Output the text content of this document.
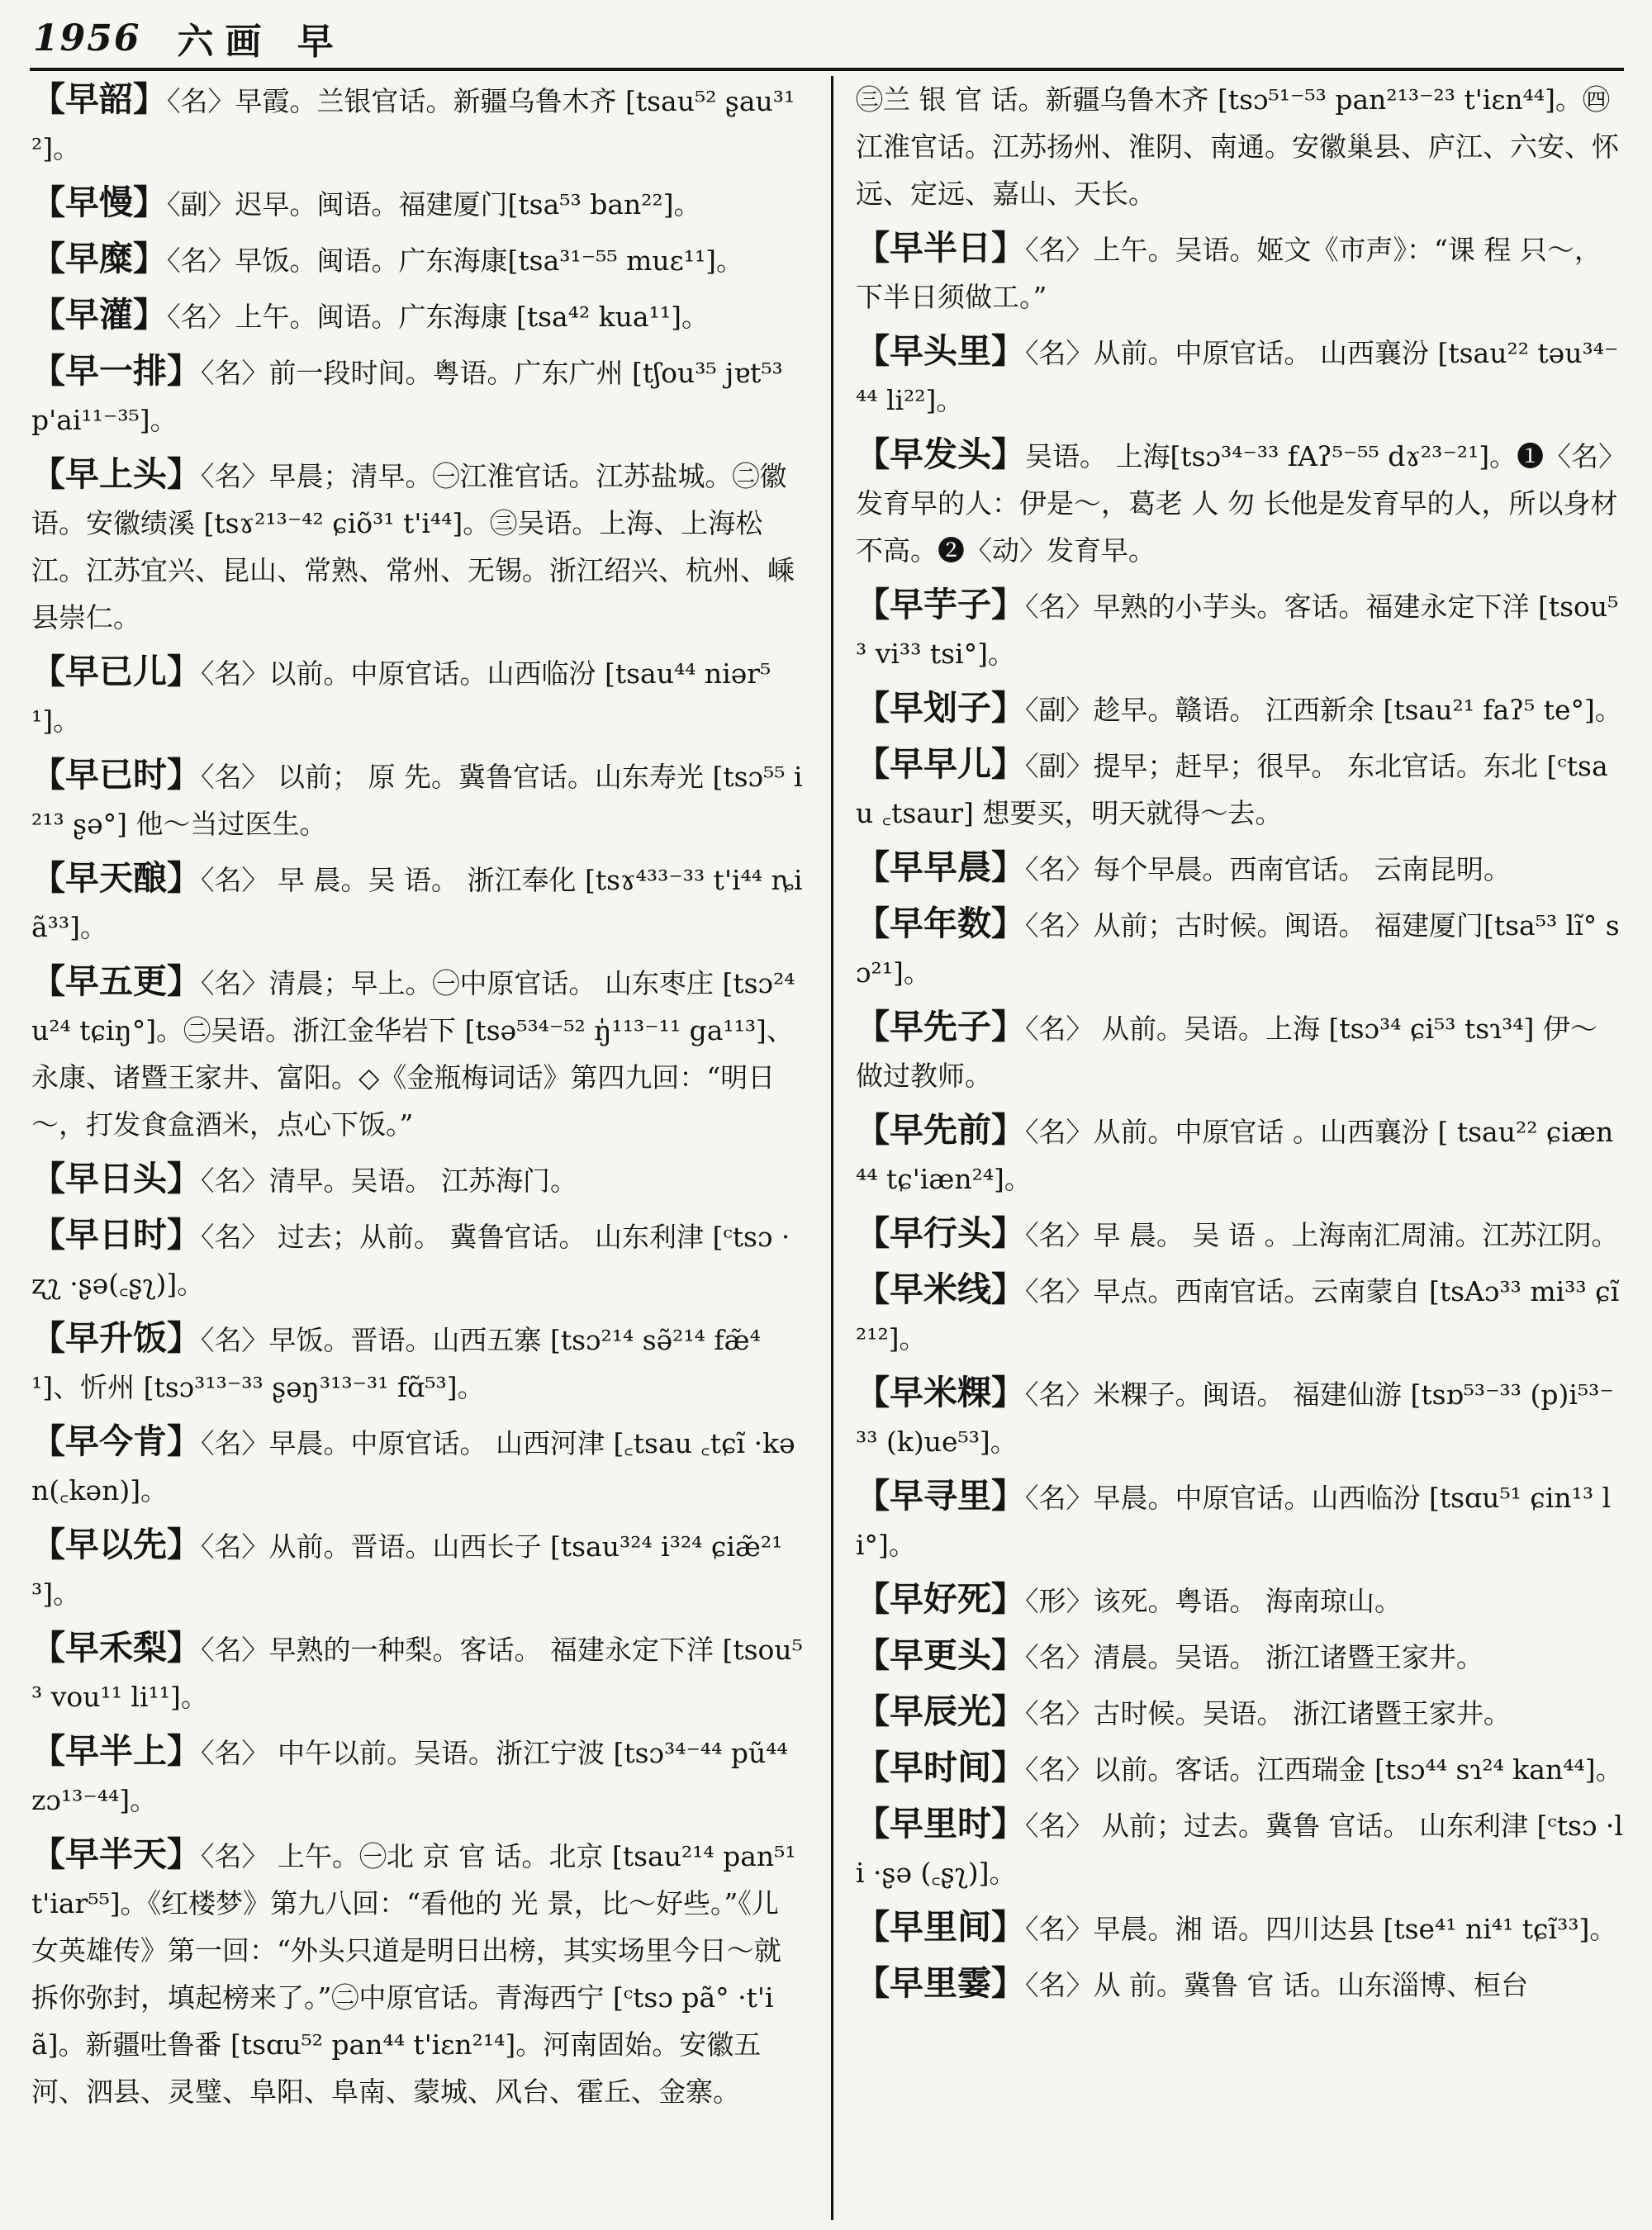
1956 六画 早
【早韶】〈名〉早霞。兰银官话。新疆乌鲁木齐 [tsau⁵² ʂau³¹²]。
【早慢】〈副〉迟早。闽语。福建厦门[tsa⁵³ ban²²]。
【早糜】〈名〉早饭。闽语。广东海康[tsa³¹⁻⁵⁵ muɛ¹¹]。
【早灌】〈名〉上午。闽语。广东海康 [tsa⁴² kua¹¹]。
【早一排】〈名〉前一段时间。粤语。广东广州 [tʃou³⁵ jɐt⁵³ p'ai¹¹⁻³⁵]。
【早上头】〈名〉早晨；清早。㊀江淮官话。江苏盐城。㊁徽语。安徽绩溪 [tsɤ²¹³⁻⁴² ɕiõ³¹ t'i⁴⁴]。㊂吴语。上海、上海松江。江苏宜兴、昆山、常熟、常州、无锡。浙江绍兴、杭州、嵊县崇仁。
【早已儿】〈名〉以前。中原官话。山西临汾 [tsau⁴⁴ niər⁵¹]。
【早已时】〈名〉 以前； 原 先。冀鲁官话。山东寿光 [tsɔ⁵⁵ i²¹³ ʂə°] 他～当过医生。
【早天酿】〈名〉 早 晨。吴 语。 浙江奉化 [tsɤ⁴³³⁻³³ t'i⁴⁴ ȵiã³³]。
【早五更】〈名〉清晨；早上。㊀中原官话。 山东枣庄 [tsɔ²⁴ u²⁴ tɕiŋ°]。㊁吴语。浙江金华岩下 [tsə⁵³⁴⁻⁵² ŋ̍¹¹³⁻¹¹ ga¹¹³]、永康、诸暨王家井、富阳。◇《金瓶梅词话》第四九回：“明日～，打发食盒酒米，点心下饭。”
【早日头】〈名〉清早。吴语。 江苏海门。
【早日时】〈名〉 过去；从前。 冀鲁官话。 山东利津 [ᶜtsɔ ·ʐʅ ·ʂə(꜀ʂʅ)]。
【早升饭】〈名〉早饭。晋语。山西五寨 [tsɔ²¹⁴ sə̃²¹⁴ fæ̃⁴¹]、忻州 [tsɔ³¹³⁻³³ ʂəŋ³¹³⁻³¹ fɑ̃⁵³]。
【早今肯】〈名〉早晨。中原官话。 山西河津 [꜀tsau ꜀tɕĩ ·kən(꜀kən)]。
【早以先】〈名〉从前。晋语。山西长子 [tsau³²⁴ i³²⁴ ɕiæ̃²¹³]。
【早禾梨】〈名〉早熟的一种梨。客话。 福建永定下洋 [tsou⁵³ vou¹¹ li¹¹]。
【早半上】〈名〉 中午以前。吴语。浙江宁波 [tsɔ³⁴⁻⁴⁴ pũ⁴⁴ zɔ¹³⁻⁴⁴]。
【早半天】〈名〉 上午。㊀北 京 官 话。北京 [tsau²¹⁴ pan⁵¹ t'iar⁵⁵]。《红楼梦》第九八回：“看他的 光 景，比～好些。”《儿女英雄传》第一回：“外头只道是明日出榜，其实场里今日～就拆你弥封，填起榜来了。”㊁中原官话。青海西宁 [ᶜtsɔ pã° ·t'iã]。新疆吐鲁番 [tsɑu⁵² pan⁴⁴ t'iɛn²¹⁴]。河南固始。安徽五河、泗县、灵璧、阜阳、阜南、蒙城、风台、霍丘、金寨。
㊂兰 银 官 话。新疆乌鲁木齐 [tsɔ⁵¹⁻⁵³ pan²¹³⁻²³ t'iɛn⁴⁴]。㊃江淮官话。江苏扬州、淮阴、南通。安徽巢县、庐江、六安、怀远、定远、嘉山、天长。
【早半日】〈名〉上午。吴语。姬文《市声》：“课 程 只～，下半日须做工。”
【早头里】〈名〉从前。中原官话。 山西襄汾 [tsau²² təu³⁴⁻⁴⁴ li²²]。
【早发头】吴语。 上海[tsɔ³⁴⁻³³ fAʔ⁵⁻⁵⁵ dɤ²³⁻²¹]。❶〈名〉发育早的人：伊是～，葛老 人 勿 长他是发育早的人，所以身材不高。❷〈动〉发育早。
【早芋子】〈名〉早熟的小芋头。客话。福建永定下洋 [tsou⁵³ vi³³ tsi°]。
【早划子】〈副〉趁早。赣语。 江西新余 [tsau²¹ faʔ⁵ te°]。
【早早儿】〈副〉提早；赶早；很早。 东北官话。东北 [ᶜtsau ꜀tsaur] 想要买，明天就得～去。
【早早晨】〈名〉每个早晨。西南官话。 云南昆明。
【早年数】〈名〉从前；古时候。闽语。 福建厦门[tsa⁵³ lĩ° sɔ²¹]。
【早先子】〈名〉 从前。吴语。上海 [tsɔ³⁴ ɕi⁵³ tsɿ³⁴] 伊～做过教师。
【早先前】〈名〉从前。中原官话 。山西襄汾 [ tsau²² ɕiæn⁴⁴ tɕ'iæn²⁴]。
【早行头】〈名〉早 晨。 吴 语 。上海南汇周浦。江苏江阴。
【早米线】〈名〉早点。西南官话。云南蒙自 [tsAɔ³³ mi³³ ɕĩ²¹²]。
【早米粿】〈名〉米粿子。闽语。 福建仙游 [tsɒ⁵³⁻³³ (p)i⁵³⁻³³ (k)ue⁵³]。
【早寻里】〈名〉早晨。中原官话。山西临汾 [tsɑu⁵¹ ɕin¹³ li°]。
【早好死】〈形〉该死。粤语。 海南琼山。
【早更头】〈名〉清晨。吴语。 浙江诸暨王家井。
【早辰光】〈名〉古时候。吴语。 浙江诸暨王家井。
【早时间】〈名〉以前。客话。江西瑞金 [tsɔ⁴⁴ sɿ²⁴ kan⁴⁴]。
【早里时】〈名〉 从前；过去。冀鲁 官话。 山东利津 [ᶜtsɔ ·li ·ʂə (꜀ʂʅ)]。
【早里间】〈名〉早晨。湘 语。四川达县 [tse⁴¹ ni⁴¹ tɕĩ³³]。
【早里霎】〈名〉从 前。冀鲁 官 话。山东淄博、桓台
